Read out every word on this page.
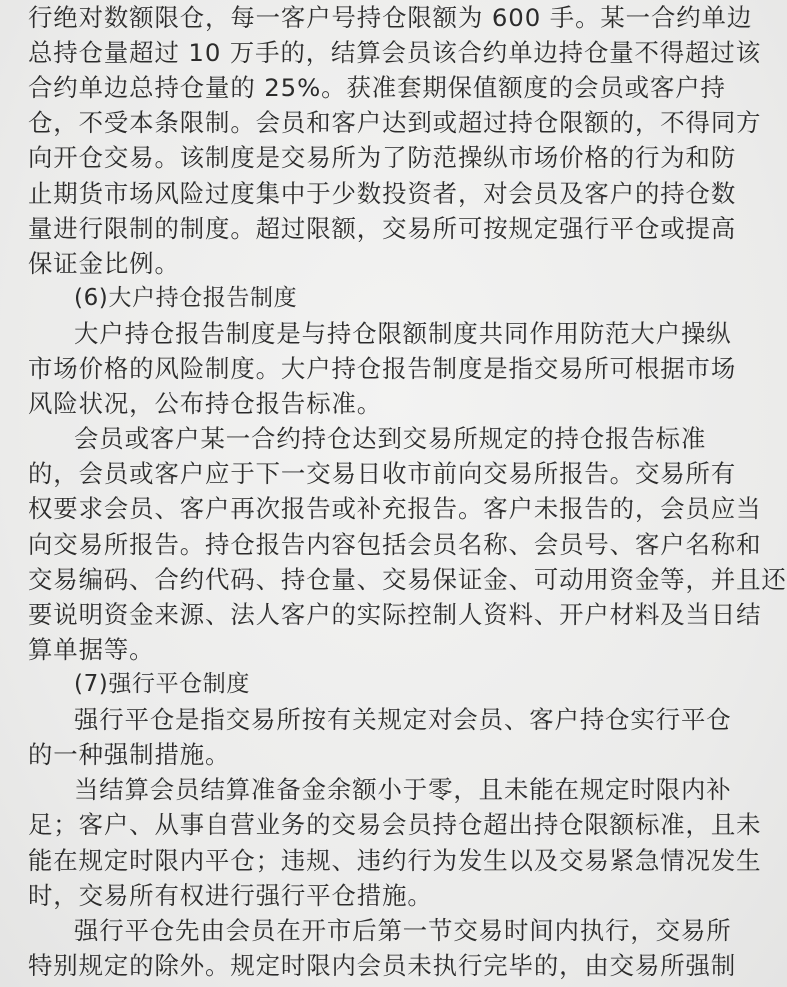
行绝对数额限仓，每一客户号持仓限额为 600 手。某一合约单边
总持仓量超过 10 万手的，结算会员该合约单边持仓量不得超过该
合约单边总持仓量的 25%。获准套期保值额度的会员或客户持
仓，不受本条限制。会员和客户达到或超过持仓限额的，不得同方
向开仓交易。该制度是交易所为了防范操纵市场价格的行为和防
止期货市场风险过度集中于少数投资者，对会员及客户的持仓数
量进行限制的制度。超过限额，交易所可按规定强行平仓或提高
保证金比例。
(6)大户持仓报告制度
大户持仓报告制度是与持仓限额制度共同作用防范大户操纵
市场价格的风险制度。大户持仓报告制度是指交易所可根据市场
风险状况，公布持仓报告标准。
会员或客户某一合约持仓达到交易所规定的持仓报告标准
的，会员或客户应于下一交易日收市前向交易所报告。交易所有
权要求会员、客户再次报告或补充报告。客户未报告的，会员应当
向交易所报告。持仓报告内容包括会员名称、会员号、客户名称和
交易编码、合约代码、持仓量、交易保证金、可动用资金等，并且还
要说明资金来源、法人客户的实际控制人资料、开户材料及当日结
算单据等。
(7)强行平仓制度
强行平仓是指交易所按有关规定对会员、客户持仓实行平仓
的一种强制措施。
当结算会员结算准备金余额小于零，且未能在规定时限内补
足；客户、从事自营业务的交易会员持仓超出持仓限额标准，且未
能在规定时限内平仓；违规、违约行为发生以及交易紧急情况发生
时，交易所有权进行强行平仓措施。
强行平仓先由会员在开市后第一节交易时间内执行，交易所
特别规定的除外。规定时限内会员未执行完毕的，由交易所强制
